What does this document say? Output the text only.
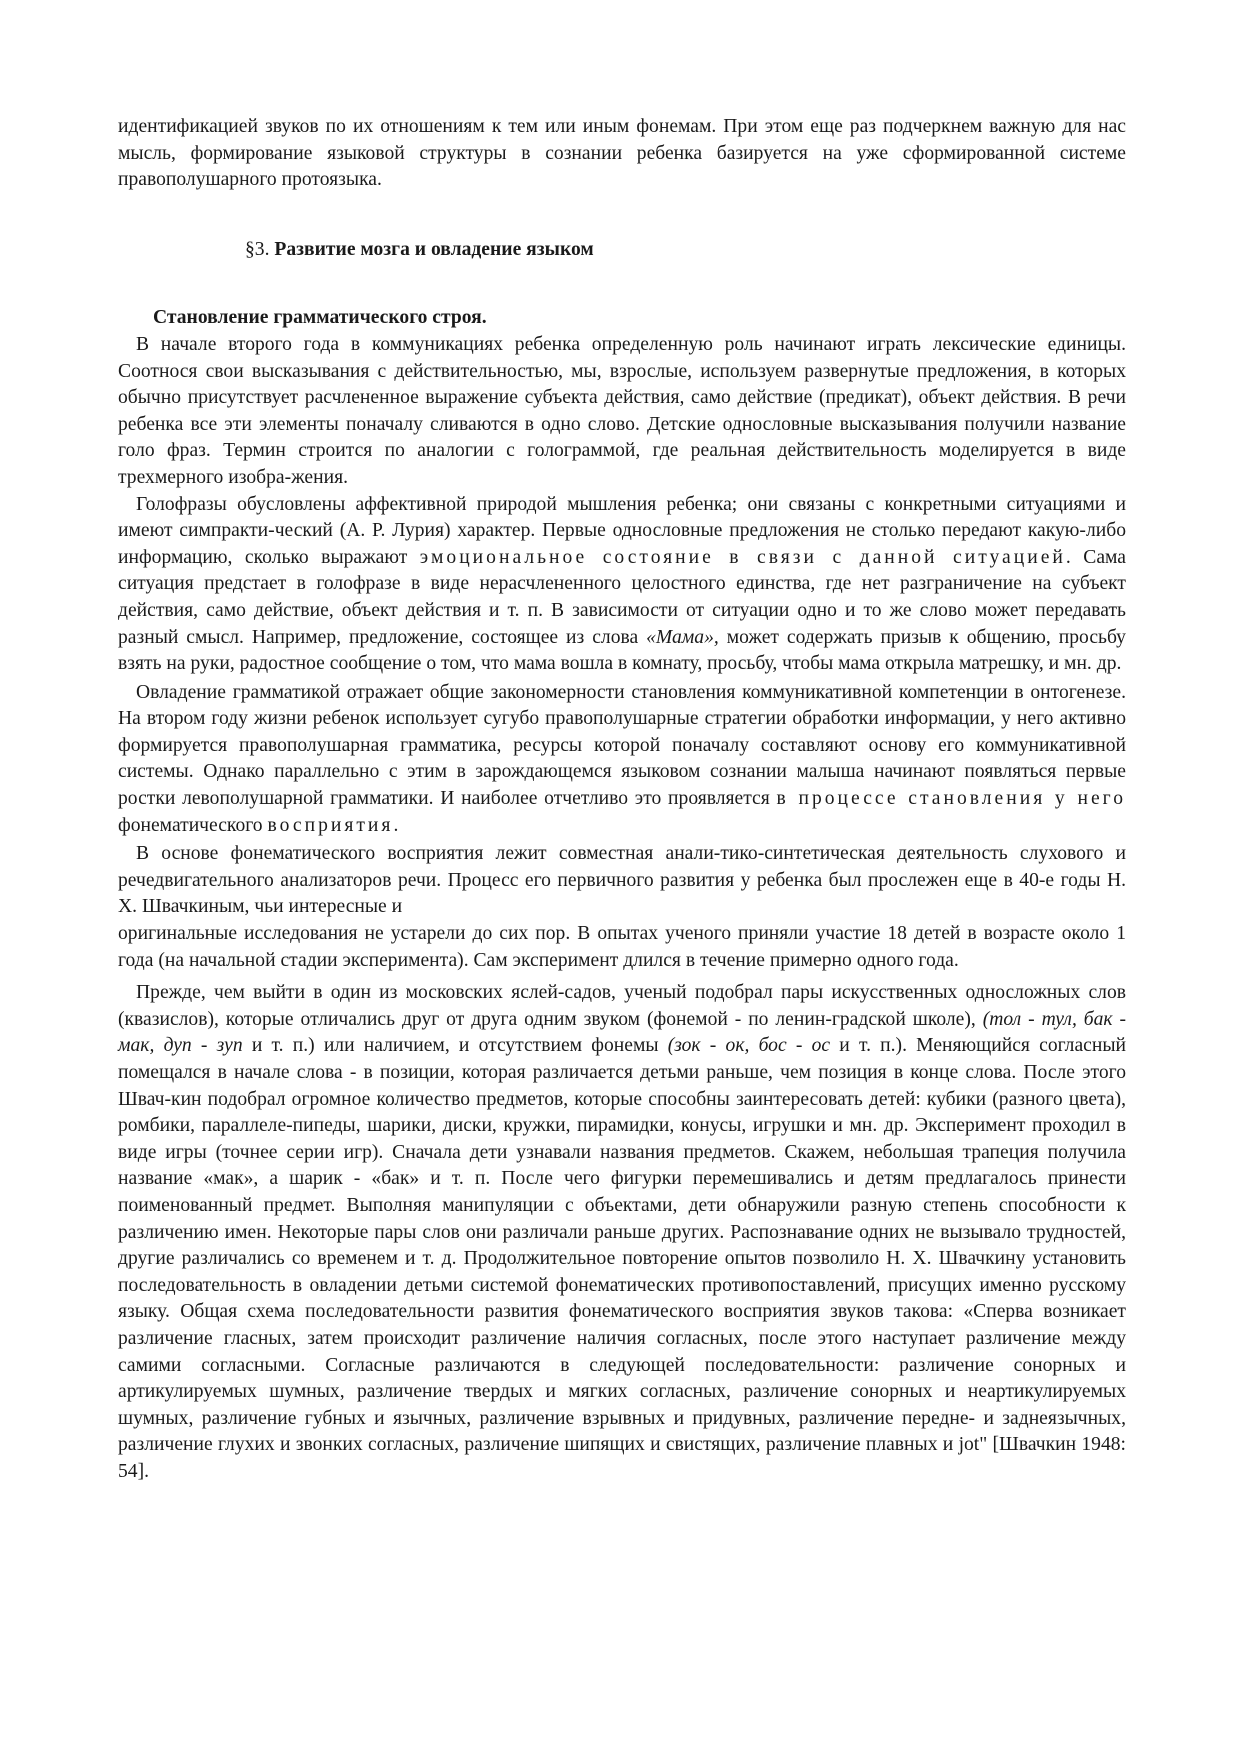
идентификацией звуков по их отношениям к тем или иным фонемам. При этом еще раз подчеркнем важную для нас мысль, формирование языковой структуры в сознании ребенка базируется на уже сформированной системе правополушарного протоязыка.

§3. Развитие мозга и овладение языком

Становление грамматического строя.

В начале второго года в коммуникациях ребенка определенную роль начинают играть лексические единицы. Соотнося свои высказывания с действительностью, мы, взрослые, используем развернутые предложения, в которых обычно присутствует расчлененное выражение субъекта действия, само действие (предикат), объект действия. В речи ребенка все эти элементы поначалу сливаются в одно слово. Детские однословные высказывания получили название голо фраз. Термин строится по аналогии с голограммой, где реальная действительность моделируется в виде трехмерного изобра-жения.

Голофразы обусловлены аффективной природой мышления ребенка; они связаны с конкретными ситуациями и имеют симпракти-ческий (А. Р. Лурия) характер. Первые однословные предложения не столько передают какую-либо информацию, сколько выражают эмоциональное состояние в связи с данной ситуацией. Сама ситуация предстает в голофразе в виде нерасчлененного целостного единства, где нет разграничение на субъект действия, само действие, объект действия и т. п. В зависимости от ситуации одно и то же слово может передавать разный смысл. Например, предложение, состоящее из слова «Мама», может содержать призыв к общению, просьбу взять на руки, радостное сообщение о том, что мама вошла в комнату, просьбу, чтобы мама открыла матрешку, и мн. др.

Овладение грамматикой отражает общие закономерности становления коммуникативной компетенции в онтогенезе. На втором году жизни ребенок использует сугубо правополушарные стратегии обработки информации, у него активно формируется правополушарная грамматика, ресурсы которой поначалу составляют основу его коммуникативной системы. Однако параллельно с этим в зарождающемся языковом сознании малыша начинают появляться первые ростки левополушарной грамматики. И наиболее отчетливо это проявляется в процессе становления у него фонематического восприятия.

В основе фонематического восприятия лежит совместная анали-тико-синтетическая деятельность слухового и речедвигательного анализаторов речи. Процесс его первичного развития у ребенка был прослежен еще в 40-е годы Н. Х. Швачкиным, чьи интересные и

оригинальные исследования не устарели до сих пор. В опытах ученого приняли участие 18 детей в возрасте около 1 года (на начальной стадии эксперимента). Сам эксперимент длился в течение примерно одного года.

Прежде, чем выйти в один из московских яслей-садов, ученый подобрал пары искусственных односложных слов (квазислов), которые отличались друг от друга одним звуком (фонемой - по ленин-градской школе), (тол - тул, бак - мак, дуп - зуп и т. п.) или наличием, и отсутствием фонемы (зок - ок, бос - ос и т. п.). Меняющийся согласный помещался в начале слова - в позиции, которая различается детьми раньше, чем позиция в конце слова. После этого Швач-кин подобрал огромное количество предметов, которые способны заинтересовать детей: кубики (разного цвета), ромбики, параллеле-пипеды, шарики, диски, кружки, пирамидки, конусы, игрушки и мн. др. Эксперимент проходил в виде игры (точнее серии игр). Сначала дети узнавали названия предметов. Скажем, небольшая трапеция получила название «мак», а шарик - «бак» и т. п. После чего фигурки перемешивались и детям предлагалось принести поименованный предмет. Выполняя манипуляции с объектами, дети обнаружили разную степень способности к различению имен. Некоторые пары слов они различали раньше других. Распознавание одних не вызывало трудностей, другие различались со временем и т. д. Продолжительное повторение опытов позволило Н. Х. Швачкину установить последовательность в овладении детьми системой фонематических противопоставлений, присущих именно русскому языку. Общая схема последовательности развития фонематического восприятия звуков такова: «Сперва возникает различение гласных, затем происходит различение наличия согласных, после этого наступает различение между самими согласными. Согласные различаются в следующей последовательности: различение сонорных и артикулируемых шумных, различение твердых и мягких согласных, различение сонорных и неартикулируемых шумных, различение губных и язычных, различение взрывных и придувных, различение передне- и заднеязычных, различение глухих и звонких согласных, различение шипящих и свистящих, различение плавных и jot" [Швачкин 1948: 54].
